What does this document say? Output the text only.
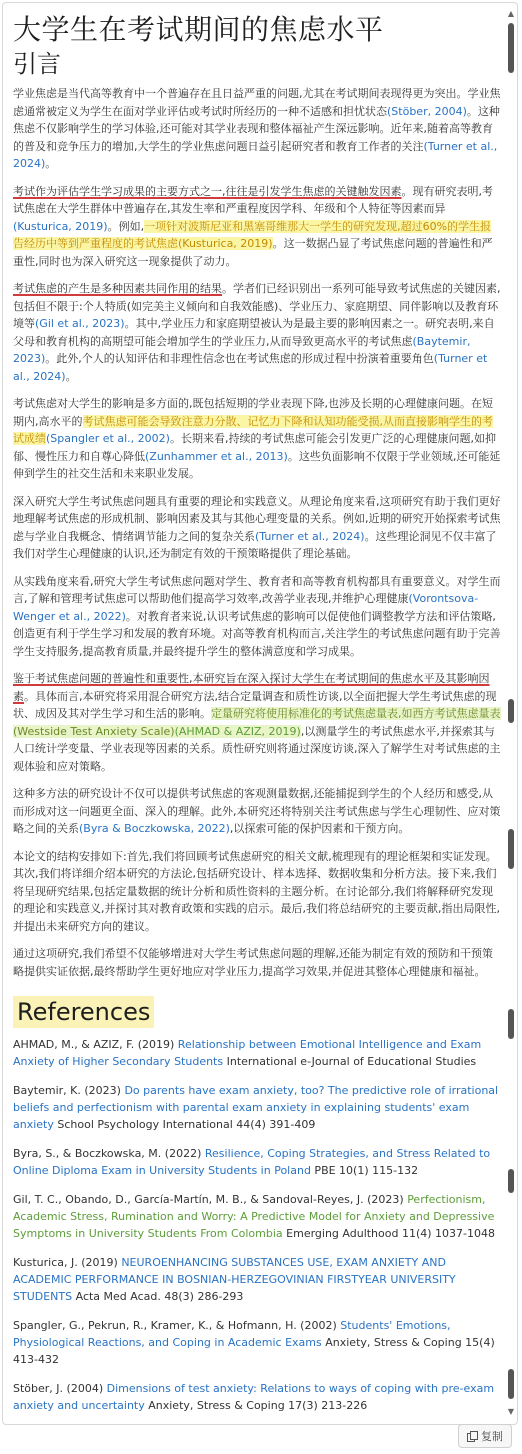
大学生在考试期间的焦虑水平
引言

学业焦虑是当代高等教育中一个普遍存在且日益严重的问题,尤其在考试期间表现得更为突出。学业焦虑通常被定义为学生在面对学业评估或考试时所经历的一种不适感和担忧状态(Stöber, 2004)。这种焦虑不仅影响学生的学习体验,还可能对其学业表现和整体福祉产生深远影响。近年来,随着高等教育的普及和竞争压力的增加,大学生的学业焦虑问题日益引起研究者和教育工作者的关注(Turner et al., 2024)。

考试作为评估学生学习成果的主要方式之一,往往是引发学生焦虑的关键触发因素。现有研究表明,考试焦虑在大学生群体中普遍存在,其发生率和严重程度因学科、年级和个人特征等因素而异(Kusturica, 2019)。例如,一项针对波斯尼亚和黑塞哥维那大一学生的研究发现,超过60%的学生报告经历中等到严重程度的考试焦虑(Kusturica, 2019)。这一数据凸显了考试焦虑问题的普遍性和严重性,同时也为深入研究这一现象提供了动力。

考试焦虑的产生是多种因素共同作用的结果。学者们已经识别出一系列可能导致考试焦虑的关键因素,包括但不限于:个人特质(如完美主义倾向和自我效能感)、学业压力、家庭期望、同伴影响以及教育环境等(Gil et al., 2023)。其中,学业压力和家庭期望被认为是最主要的影响因素之一。研究表明,来自父母和教育机构的高期望可能会增加学生的学业压力,从而导致更高水平的考试焦虑(Baytemir, 2023)。此外,个人的认知评估和非理性信念也在考试焦虑的形成过程中扮演着重要角色(Turner et al., 2024)。

考试焦虑对大学生的影响是多方面的,既包括短期的学业表现下降,也涉及长期的心理健康问题。在短期内,高水平的考试焦虑可能会导致注意力分散、记忆力下降和认知功能受损,从而直接影响学生的考试成绩(Spangler et al., 2002)。长期来看,持续的考试焦虑可能会引发更广泛的心理健康问题,如抑郁、慢性压力和自尊心降低(Zunhammer et al., 2013)。这些负面影响不仅限于学业领域,还可能延伸到学生的社交生活和未来职业发展。

深入研究大学生考试焦虑问题具有重要的理论和实践意义。从理论角度来看,这项研究有助于我们更好地理解考试焦虑的形成机制、影响因素及其与其他心理变量的关系。例如,近期的研究开始探索考试焦虑与学业自我概念、情绪调节能力之间的复杂关系(Turner et al., 2024)。这些理论洞见不仅丰富了我们对学生心理健康的认识,还为制定有效的干预策略提供了理论基础。

从实践角度来看,研究大学生考试焦虑问题对学生、教育者和高等教育机构都具有重要意义。对学生而言,了解和管理考试焦虑可以帮助他们提高学习效率,改善学业表现,并维护心理健康(Vorontsova-Wenger et al., 2022)。对教育者来说,认识考试焦虑的影响可以促使他们调整教学方法和评估策略,创造更有利于学生学习和发展的教育环境。对高等教育机构而言,关注学生的考试焦虑问题有助于完善学生支持服务,提高教育质量,并最终提升学生的整体满意度和学习成果。

鉴于考试焦虑问题的普遍性和重要性,本研究旨在深入探讨大学生在考试期间的焦虑水平及其影响因素。具体而言,本研究将采用混合研究方法,结合定量调查和质性访谈,以全面把握大学生考试焦虑的现状、成因及其对学生学习和生活的影响。定量研究将使用标准化的考试焦虑量表,如西方考试焦虑量表(Westside Test Anxiety Scale)(AHMAD & AZIZ, 2019),以测量学生的考试焦虑水平,并探索其与人口统计学变量、学业表现等因素的关系。质性研究则将通过深度访谈,深入了解学生对考试焦虑的主观体验和应对策略。

这种多方法的研究设计不仅可以提供考试焦虑的客观测量数据,还能捕捉到学生的个人经历和感受,从而形成对这一问题更全面、深入的理解。此外,本研究还将特别关注考试焦虑与学生心理韧性、应对策略之间的关系(Byra & Boczkowska, 2022),以探索可能的保护因素和干预方向。

本论文的结构安排如下:首先,我们将回顾考试焦虑研究的相关文献,梳理现有的理论框架和实证发现。其次,我们将详细介绍本研究的方法论,包括研究设计、样本选择、数据收集和分析方法。接下来,我们将呈现研究结果,包括定量数据的统计分析和质性资料的主题分析。在讨论部分,我们将解释研究发现的理论和实践意义,并探讨其对教育政策和实践的启示。最后,我们将总结研究的主要贡献,指出局限性,并提出未来研究方向的建议。

通过这项研究,我们希望不仅能够增进对大学生考试焦虑问题的理解,还能为制定有效的预防和干预策略提供实证依据,最终帮助学生更好地应对学业压力,提高学习效果,并促进其整体心理健康和福祉。

References

AHMAD, M., & AZIZ, F. (2019) Relationship between Emotional Intelligence and Exam Anxiety of Higher Secondary Students International e-Journal of Educational Studies

Baytemir, K. (2023) Do parents have exam anxiety, too? The predictive role of irrational beliefs and perfectionism with parental exam anxiety in explaining students' exam anxiety School Psychology International 44(4) 391-409

Byra, S., & Boczkowska, M. (2022) Resilience, Coping Strategies, and Stress Related to Online Diploma Exam in University Students in Poland PBE 10(1) 115-132

Gil, T. C., Obando, D., García-Martín, M. B., & Sandoval-Reyes, J. (2023) Perfectionism, Academic Stress, Rumination and Worry: A Predictive Model for Anxiety and Depressive Symptoms in University Students From Colombia Emerging Adulthood 11(4) 1037-1048

Kusturica, J. (2019) NEUROENHANCING SUBSTANCES USE, EXAM ANXIETY AND ACADEMIC PERFORMANCE IN BOSNIAN-HERZEGOVINIAN FIRSTYEAR UNIVERSITY STUDENTS Acta Med Acad. 48(3) 286-293

Spangler, G., Pekrun, R., Kramer, K., & Hofmann, H. (2002) Students' Emotions, Physiological Reactions, and Coping in Academic Exams Anxiety, Stress & Coping 15(4) 413-432

Stöber, J. (2004) Dimensions of test anxiety: Relations to ways of coping with pre-exam anxiety and uncertainty Anxiety, Stress & Coping 17(3) 213-226

▲
▼
复制
